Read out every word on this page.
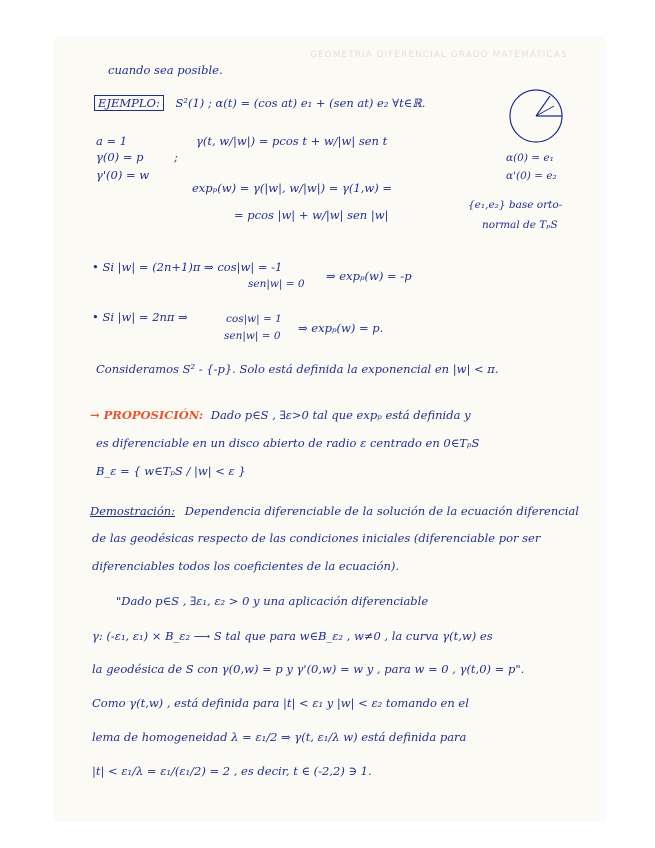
GEOMETRÍA DIFERENCIAL GRADO MATEMÁTICAS
cuando sea posible.
EJEMPLO: S²(1) ; α(t) = (cos at) e₁ + (sen at) e₂ ∀t∈ℝ.
a = 1	γ(t, w/|w|) = pcos t + w/|w| sen t
γ(0) = p	;
γ'(0) = w
expₚ(w) = γ(|w|, w/|w|) = γ(1,w) =
= pcos |w| + w/|w| sen |w|
α(0) = e₁
α'(0) = e₂
{e₁,e₂} base orto-
normal de TₚS
• Si |w| = (2n+1)π ⇒ cos|w| = -1
sen|w| = 0
⇒ expₚ(w) = -p
• Si |w| = 2nπ ⇒	cos|w| = 1
sen|w| = 0
⇒ expₚ(w) = p.
Consideramos S² - {-p}. Solo está definida la exponencial en |w| < π.
→ PROPOSICIÓN: Dado p∈S , ∃ε>0 tal que expₚ está definida y
es diferenciable en un disco abierto de radio ε centrado en 0∈TₚS
B_ε = { w∈TₚS / |w| < ε }
Demostración: Dependencia diferenciable de la solución de la ecuación diferencial
de las geodésicas respecto de las condiciones iniciales (diferenciable por ser
diferenciables todos los coeficientes de la ecuación).
"Dado p∈S , ∃ε₁, ε₂ > 0 y una aplicación diferenciable
γ: (-ε₁, ε₁) × B_ε₂ ⟶ S tal que para w∈B_ε₂ , w≠0 , la curva γ(t,w) es
la geodésica de S con γ(0,w) = p y γ'(0,w) = w y , para w = 0 , γ(t,0) = p".
Como γ(t,w) , está definida para |t| < ε₁ y |w| < ε₂ tomando en el
lema de homogeneidad λ = ε₁/2 ⇒ γ(t, ε₁/λ w) está definida para
|t| < ε₁/λ = ε₁/(ε₁/2) = 2 , es decir, t ∈ (-2,2) ∋ 1.
